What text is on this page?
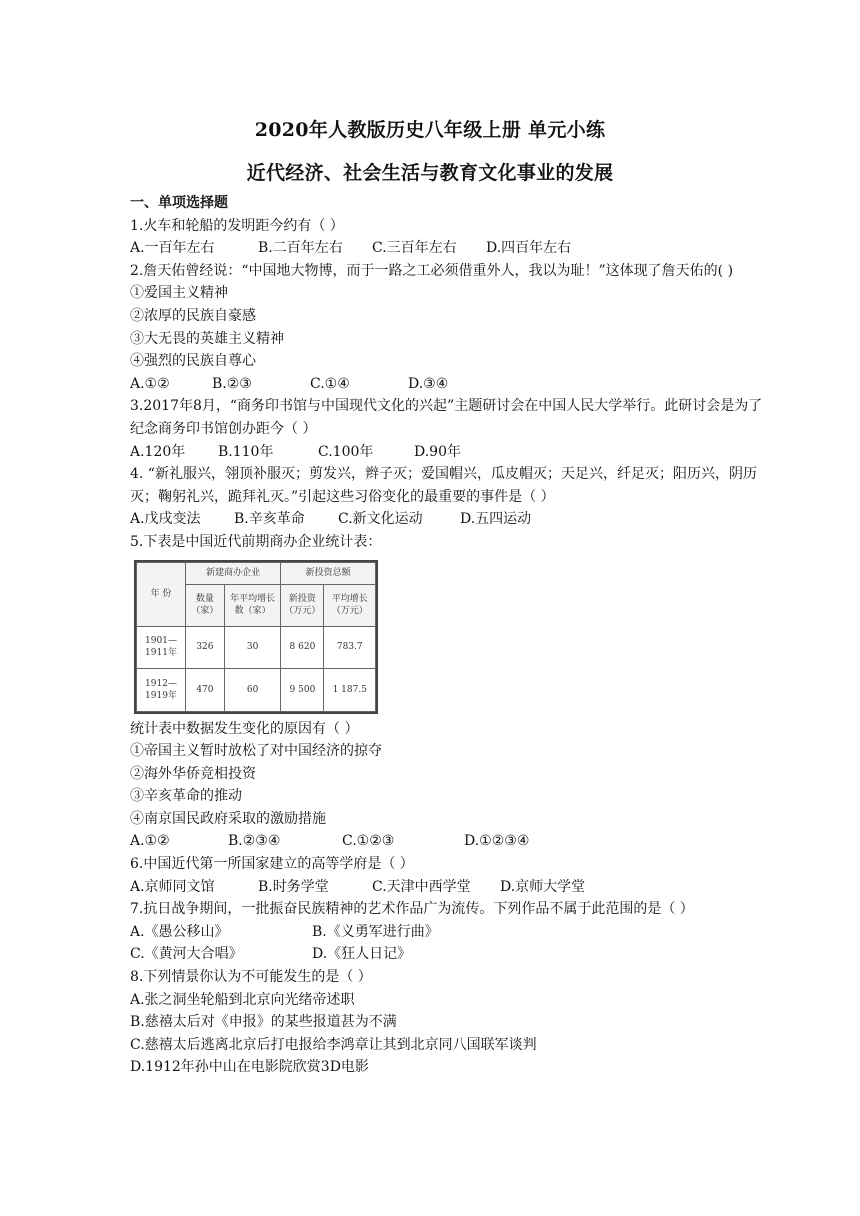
2020年人教版历史八年级上册 单元小练
近代经济、社会生活与教育文化事业的发展
一、单项选择题
1.火车和轮船的发明距今约有（ ）
A.一百年左右	B.二百年左右 C.三百年左右 D.四百年左右
2.詹天佑曾经说：“中国地大物博，而于一路之工必须借重外人，我以为耻！”这体现了詹天佑的( )
①爱国主义精神
②浓厚的民族自豪感
③大无畏的英雄主义精神
④强烈的民族自尊心
A.①②	B.②③	C.①④	D.③④
3.2017年8月，“商务印书馆与中国现代文化的兴起”主题研讨会在中国人民大学举行。此研讨会是为了纪念商务印书馆创办距今（ ）
A.120年 B.110年	C.100年	D.90年
4. “新礼服兴，翎顶补服灭；剪发兴，辫子灭；爱国帽兴，瓜皮帽灭；天足兴，纤足灭；阳历兴，阴历灭；鞠躬礼兴，跪拜礼灭。”引起这些习俗变化的最重要的事件是（ ）
A.戊戌变法 B.辛亥革命 C.新文化运动	D.五四运动
5.下表是中国近代前期商办企业统计表：
年 份	新建商办企业		新投资总额	
	数量（家）	年平均增长数（家）	新投资（万元）	平均增长（万元）
1901—1911年	326	30	8 620	783.7
1912—1919年	470	60	9 500	1 187.5
统计表中数据发生变化的原因有（ ）
①帝国主义暂时放松了对中国经济的掠夺
②海外华侨竞相投资
③辛亥革命的推动
④南京国民政府采取的激励措施
A.①②	B.②③④	C.①②③	D.①②③④
6.中国近代第一所国家建立的高等学府是（ ）
A.京师同文馆	B.时务学堂	C.天津中西学堂 D.京师大学堂
7.抗日战争期间，一批振奋民族精神的艺术作品广为流传。下列作品不属于此范围的是（ ）
A.《愚公移山》	B.《义勇军进行曲》
C.《黄河大合唱》	D.《狂人日记》
8.下列情景你认为不可能发生的是（ ）
A.张之洞坐轮船到北京向光绪帝述职
B.慈禧太后对《申报》的某些报道甚为不满
C.慈禧太后逃离北京后打电报给李鸿章让其到北京同八国联军谈判
D.1912年孙中山在电影院欣赏3D电影
